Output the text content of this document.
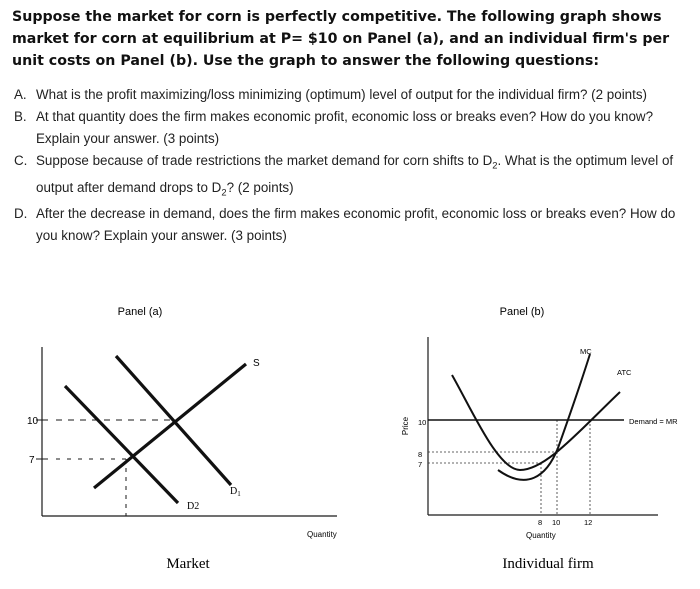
Suppose the market for corn is perfectly competitive. The following graph shows market for corn at equilibrium at P= $10 on Panel (a), and an individual firm's per unit costs on Panel (b). Use the graph to answer the following questions:
A. What is the profit maximizing/loss minimizing (optimum) level of output for the individual firm? (2 points)
B. At that quantity does the firm makes economic profit, economic loss or breaks even? How do you know? Explain your answer. (3 points)
C. Suppose because of trade restrictions the market demand for corn shifts to $D_2$. What is the optimum level of output after demand drops to $D_2$? (2 points)
D. After the decrease in demand, does the firm makes economic profit, economic loss or breaks even? How do you know? Explain your answer. (3 points)
Panel (a)
10
7
S
$D_1$
D2
Quantity
Market
Panel (b)
Price 10
8
7
MC
ATC
Demand = MR
8 10	12
Quantity
Individual firm
